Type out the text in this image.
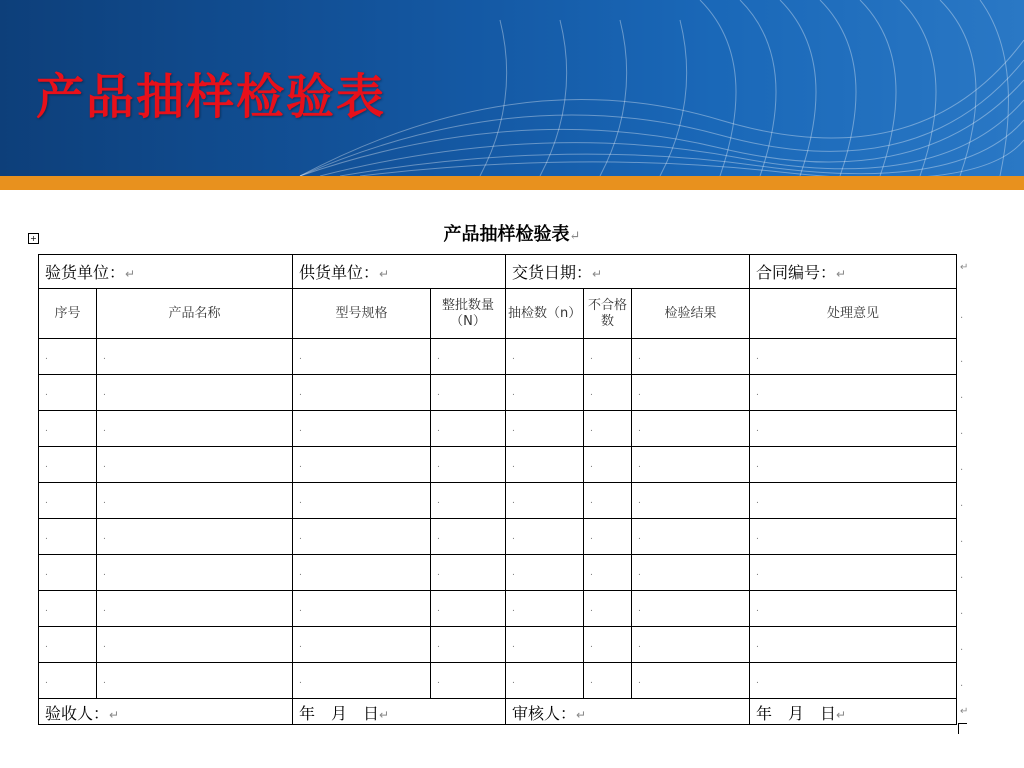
产品抽样检验表
产品抽样检验表↵
+
验货单位：↵		供货单位：↵		交货日期：↵			合同编号：↵
序号	产品名称	型号规格	整批数量（N）	抽检数（n）	不合格数	检验结果	处理意见
.	.	.	.	.	.	.	.
.	.	.	.	.	.	.	.
.	.	.	.	.	.	.	.
.	.	.	.	.	.	.	.
.	.	.	.	.	.	.	.
.	.	.	.	.	.	.	.
.	.	.	.	.	.	.	.
.	.	.	.	.	.	.	.
.	.	.	.	.	.	.	.
.	.	.	.	.	.	.	.
验收人：↵		年　月　日↵		审核人：↵			年　月　日↵
↵
.
.
.
.
.
.
.
.
.
.
.
↵
